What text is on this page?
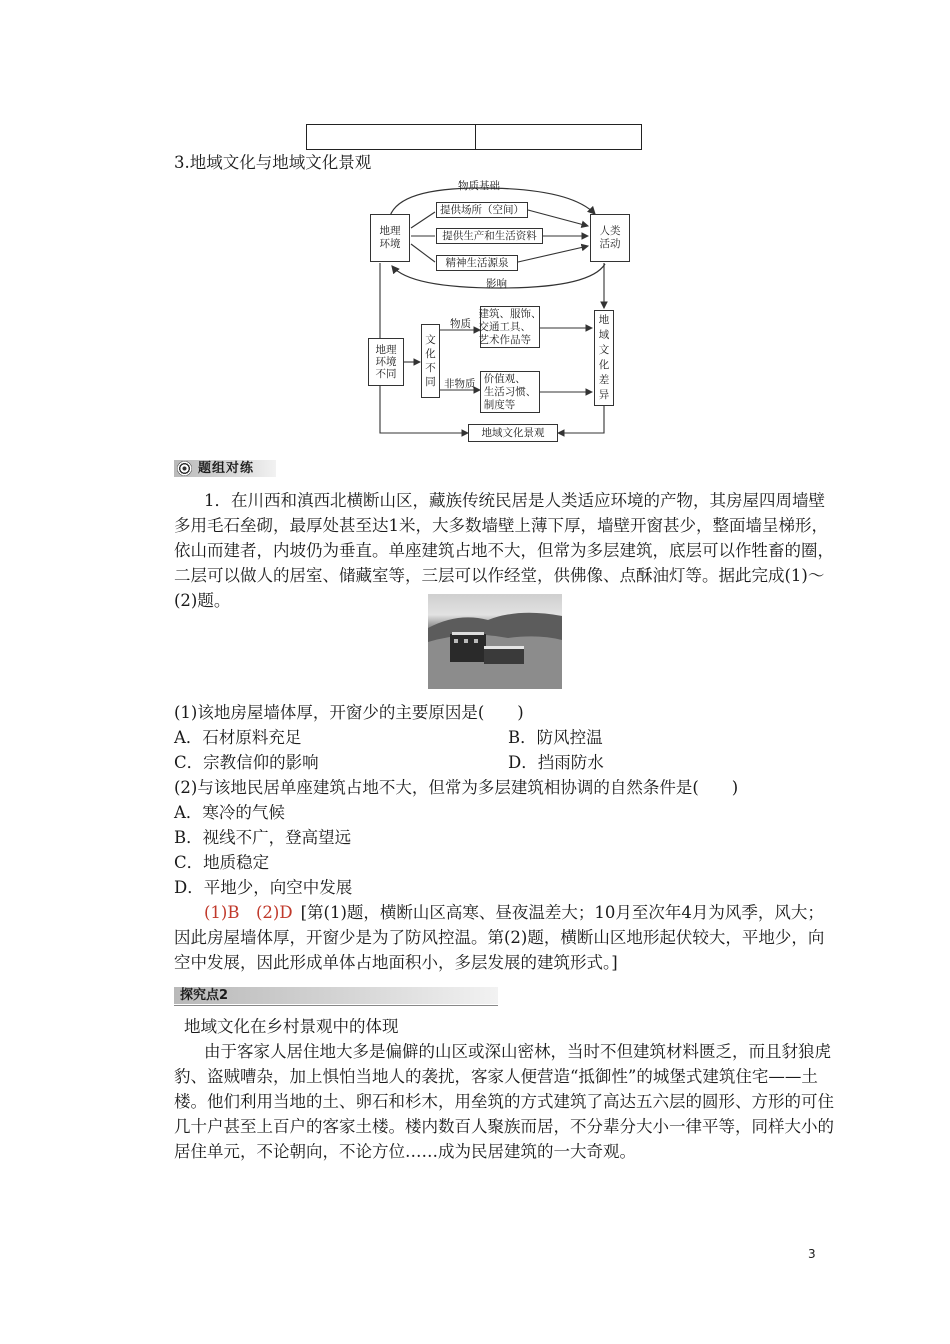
3.地域文化与地域文化景观
地理
环境
人类
活动
物质基础
提供场所（空间）
提供生产和生活资料
精神生活源泉
影响
地理
环境
不同
文
化
不
同
物质
非物质
建筑、服饰、
交通工具、
艺术作品等
价值观、
生活习惯、
制度等
地
域
文
化
差
异
地域文化景观
题组对练
1．在川西和滇西北横断山区，藏族传统民居是人类适应环境的产物，其房屋四周墙壁多用毛石垒砌，最厚处甚至达1米，大多数墙壁上薄下厚，墙壁开窗甚少，整面墙呈梯形，依山而建者，内坡仍为垂直。单座建筑占地不大，但常为多层建筑，底层可以作牲畜的圈，二层可以做人的居室、储藏室等，三层可以作经堂，供佛像、点酥油灯等。据此完成(1)～(2)题。
(1)该地房屋墙体厚，开窗少的主要原因是(　　)
A．石材原料充足	B．防风控温
C．宗教信仰的影响	D．挡雨防水
(2)与该地民居单座建筑占地不大，但常为多层建筑相协调的自然条件是(　　)
A．寒冷的气候
B．视线不广，登高望远
C．地质稳定
D．平地少，向空中发展
(1)B　(2)D [第(1)题，横断山区高寒、昼夜温差大；10月至次年4月为风季，风大；因此房屋墙体厚，开窗少是为了防风控温。第(2)题，横断山区地形起伏较大，平地少，向空中发展，因此形成单体占地面积小，多层发展的建筑形式。]
探究点2
地域文化在乡村景观中的体现
由于客家人居住地大多是偏僻的山区或深山密林，当时不但建筑材料匮乏，而且豺狼虎豹、盗贼嘈杂，加上惧怕当地人的袭扰，客家人便营造“抵御性”的城堡式建筑住宅——土楼。他们利用当地的土、卵石和杉木，用垒筑的方式建筑了高达五六层的圆形、方形的可住几十户甚至上百户的客家土楼。楼内数百人聚族而居，不分辈分大小一律平等，同样大小的居住单元，不论朝向，不论方位……成为民居建筑的一大奇观。
3
